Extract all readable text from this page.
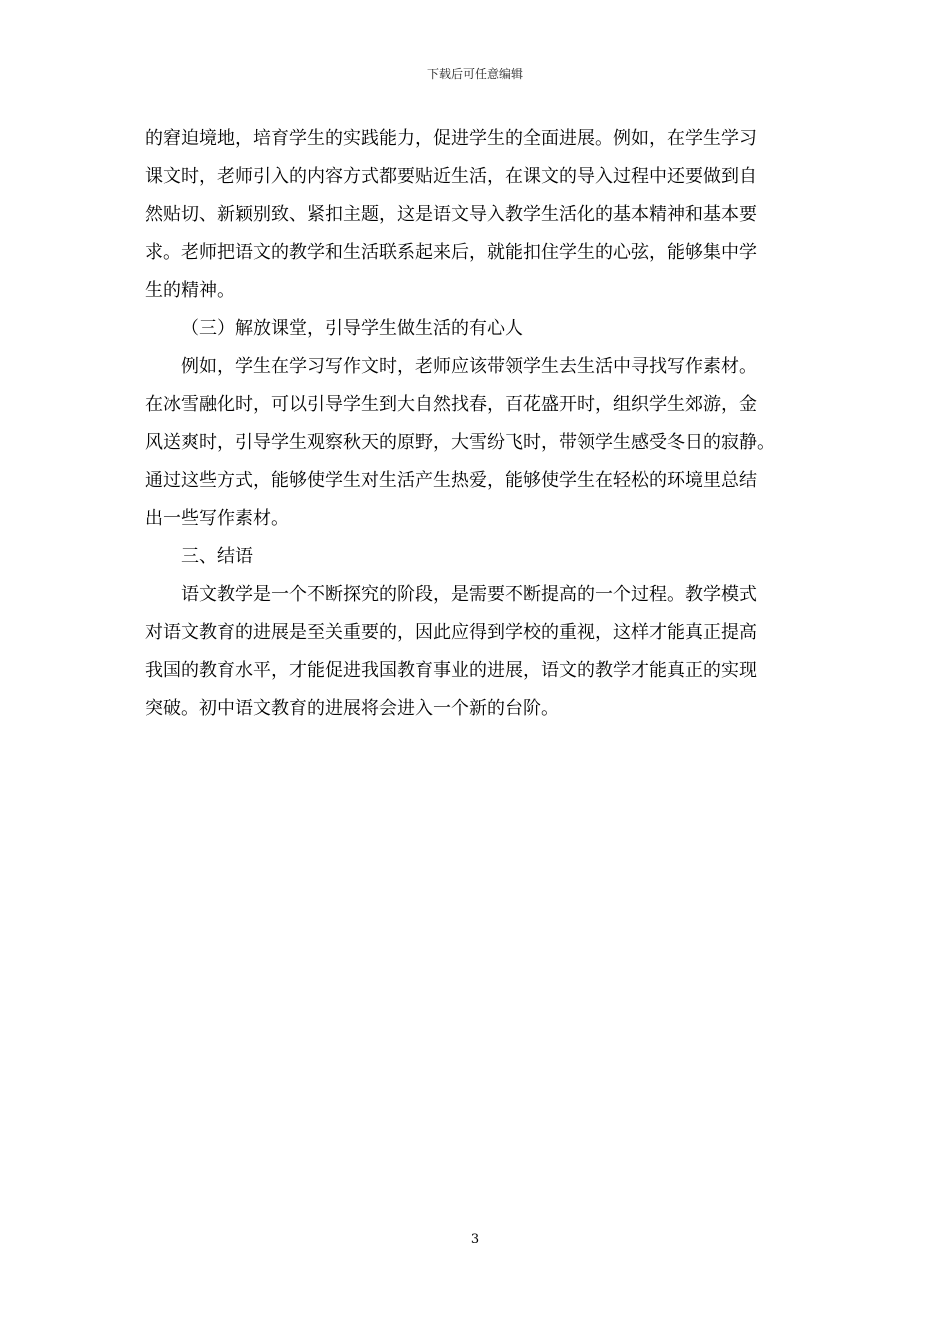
下载后可任意编辑
的窘迫境地，培育学生的实践能力，促进学生的全面进展。例如，在学生学习
课文时，老师引入的内容方式都要贴近生活，在课文的导入过程中还要做到自
然贴切、新颖别致、紧扣主题，这是语文导入教学生活化的基本精神和基本要
求。老师把语文的教学和生活联系起来后，就能扣住学生的心弦，能够集中学
生的精神。
（三）解放课堂，引导学生做生活的有心人
例如，学生在学习写作文时，老师应该带领学生去生活中寻找写作素材。
在冰雪融化时，可以引导学生到大自然找春，百花盛开时，组织学生郊游，金
风送爽时，引导学生观察秋天的原野，大雪纷飞时，带领学生感受冬日的寂静。
通过这些方式，能够使学生对生活产生热爱，能够使学生在轻松的环境里总结
出一些写作素材。
三、结语
语文教学是一个不断探究的阶段，是需要不断提高的一个过程。教学模式
对语文教育的进展是至关重要的，因此应得到学校的重视，这样才能真正提高
我国的教育水平，才能促进我国教育事业的进展，语文的教学才能真正的实现
突破。初中语文教育的进展将会进入一个新的台阶。
3
